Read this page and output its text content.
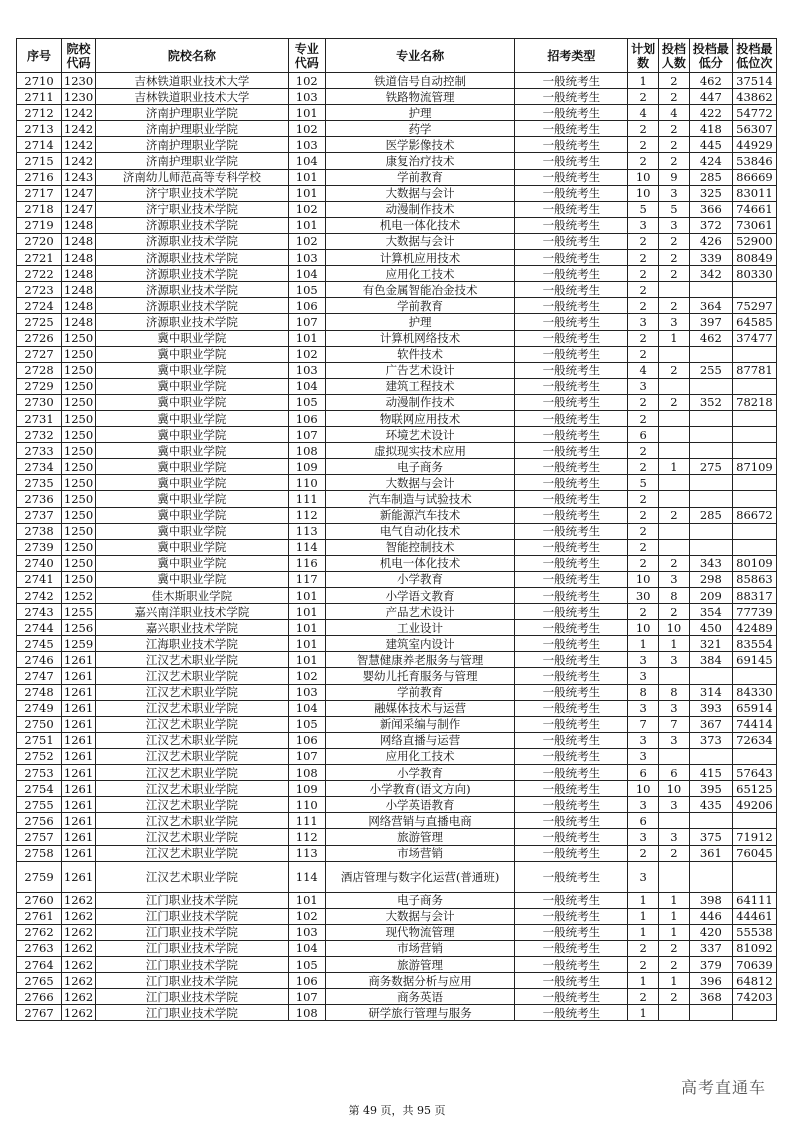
序号	院校代码	院校名称	专业代码	专业名称	招考类型	计划数	投档人数	投档最低分	投档最低位次
2710	1230	吉林铁道职业技术大学	102	铁道信号自动控制	一般统考生	1	2	462	37514
2711	1230	吉林铁道职业技术大学	103	铁路物流管理	一般统考生	2	2	447	43862
2712	1242	济南护理职业学院	101	护理	一般统考生	4	4	422	54772
2713	1242	济南护理职业学院	102	药学	一般统考生	2	2	418	56307
2714	1242	济南护理职业学院	103	医学影像技术	一般统考生	2	2	445	44929
2715	1242	济南护理职业学院	104	康复治疗技术	一般统考生	2	2	424	53846
2716	1243	济南幼儿师范高等专科学校	101	学前教育	一般统考生	10	9	285	86669
2717	1247	济宁职业技术学院	101	大数据与会计	一般统考生	10	3	325	83011
2718	1247	济宁职业技术学院	102	动漫制作技术	一般统考生	5	5	366	74661
2719	1248	济源职业技术学院	101	机电一体化技术	一般统考生	3	3	372	73061
2720	1248	济源职业技术学院	102	大数据与会计	一般统考生	2	2	426	52900
2721	1248	济源职业技术学院	103	计算机应用技术	一般统考生	2	2	339	80849
2722	1248	济源职业技术学院	104	应用化工技术	一般统考生	2	2	342	80330
2723	1248	济源职业技术学院	105	有色金属智能冶金技术	一般统考生	2			
2724	1248	济源职业技术学院	106	学前教育	一般统考生	2	2	364	75297
2725	1248	济源职业技术学院	107	护理	一般统考生	3	3	397	64585
2726	1250	冀中职业学院	101	计算机网络技术	一般统考生	2	1	462	37477
2727	1250	冀中职业学院	102	软件技术	一般统考生	2			
2728	1250	冀中职业学院	103	广告艺术设计	一般统考生	4	2	255	87781
2729	1250	冀中职业学院	104	建筑工程技术	一般统考生	3			
2730	1250	冀中职业学院	105	动漫制作技术	一般统考生	2	2	352	78218
2731	1250	冀中职业学院	106	物联网应用技术	一般统考生	2			
2732	1250	冀中职业学院	107	环境艺术设计	一般统考生	6			
2733	1250	冀中职业学院	108	虚拟现实技术应用	一般统考生	2			
2734	1250	冀中职业学院	109	电子商务	一般统考生	2	1	275	87109
2735	1250	冀中职业学院	110	大数据与会计	一般统考生	5			
2736	1250	冀中职业学院	111	汽车制造与试验技术	一般统考生	2			
2737	1250	冀中职业学院	112	新能源汽车技术	一般统考生	2	2	285	86672
2738	1250	冀中职业学院	113	电气自动化技术	一般统考生	2			
2739	1250	冀中职业学院	114	智能控制技术	一般统考生	2			
2740	1250	冀中职业学院	116	机电一体化技术	一般统考生	2	2	343	80109
2741	1250	冀中职业学院	117	小学教育	一般统考生	10	3	298	85863
2742	1252	佳木斯职业学院	101	小学语文教育	一般统考生	30	8	209	88317
2743	1255	嘉兴南洋职业技术学院	101	产品艺术设计	一般统考生	2	2	354	77739
2744	1256	嘉兴职业技术学院	101	工业设计	一般统考生	10	10	450	42489
2745	1259	江海职业技术学院	101	建筑室内设计	一般统考生	1	1	321	83554
2746	1261	江汉艺术职业学院	101	智慧健康养老服务与管理	一般统考生	3	3	384	69145
2747	1261	江汉艺术职业学院	102	婴幼儿托育服务与管理	一般统考生	3			
2748	1261	江汉艺术职业学院	103	学前教育	一般统考生	8	8	314	84330
2749	1261	江汉艺术职业学院	104	融媒体技术与运营	一般统考生	3	3	393	65914
2750	1261	江汉艺术职业学院	105	新闻采编与制作	一般统考生	7	7	367	74414
2751	1261	江汉艺术职业学院	106	网络直播与运营	一般统考生	3	3	373	72634
2752	1261	江汉艺术职业学院	107	应用化工技术	一般统考生	3			
2753	1261	江汉艺术职业学院	108	小学教育	一般统考生	6	6	415	57643
2754	1261	江汉艺术职业学院	109	小学教育(语文方向)	一般统考生	10	10	395	65125
2755	1261	江汉艺术职业学院	110	小学英语教育	一般统考生	3	3	435	49206
2756	1261	江汉艺术职业学院	111	网络营销与直播电商	一般统考生	6			
2757	1261	江汉艺术职业学院	112	旅游管理	一般统考生	3	3	375	71912
2758	1261	江汉艺术职业学院	113	市场营销	一般统考生	2	2	361	76045
2759	1261	江汉艺术职业学院	114	酒店管理与数字化运营(普通班)	一般统考生	3			
2760	1262	江门职业技术学院	101	电子商务	一般统考生	1	1	398	64111
2761	1262	江门职业技术学院	102	大数据与会计	一般统考生	1	1	446	44461
2762	1262	江门职业技术学院	103	现代物流管理	一般统考生	1	1	420	55538
2763	1262	江门职业技术学院	104	市场营销	一般统考生	2	2	337	81092
2764	1262	江门职业技术学院	105	旅游管理	一般统考生	2	2	379	70639
2765	1262	江门职业技术学院	106	商务数据分析与应用	一般统考生	1	1	396	64812
2766	1262	江门职业技术学院	107	商务英语	一般统考生	2	2	368	74203
2767	1262	江门职业技术学院	108	研学旅行管理与服务	一般统考生	1			
高考直通车
第 49 页，共 95 页
